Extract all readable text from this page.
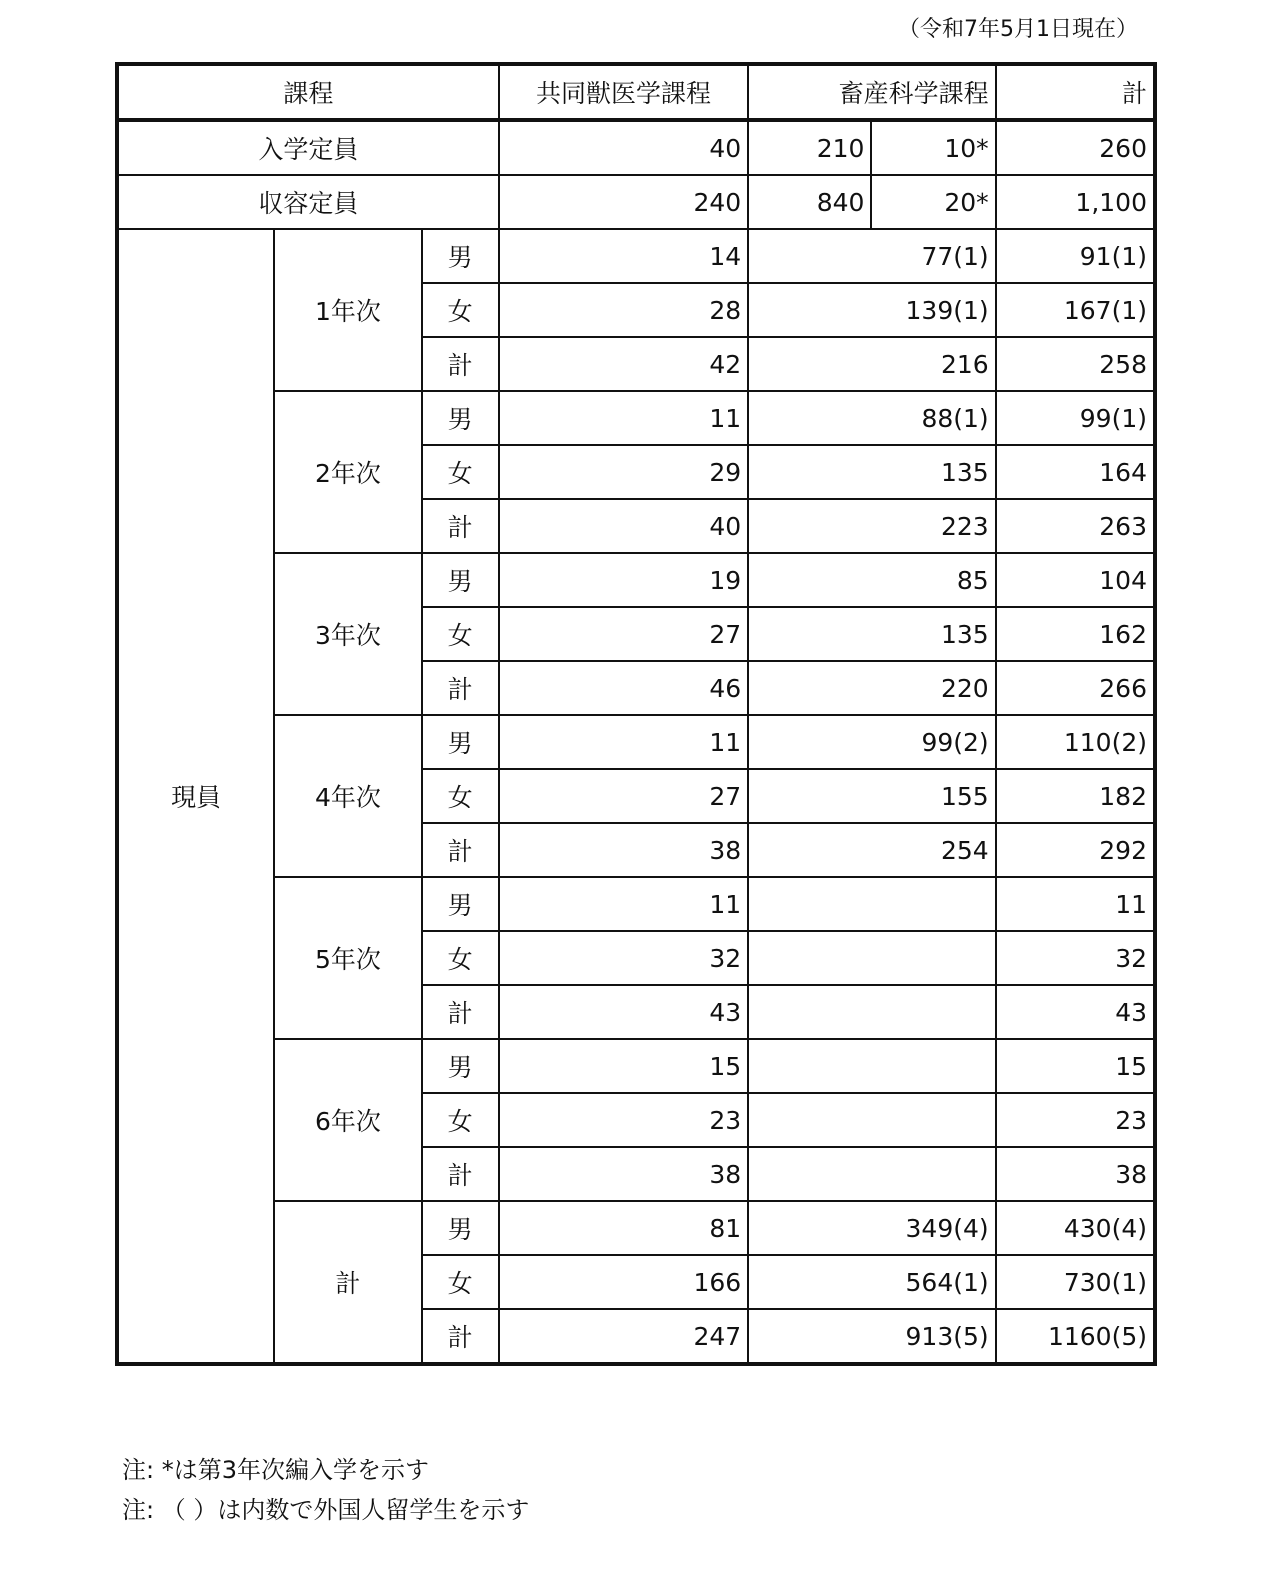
（令和7年5月1日現在）
課程			共同獣医学課程	畜産科学課程		計
入学定員			40	210	10*	260
収容定員			240	840	20*	1,100
現員	1年次	男	14	77(1)		91(1)
		女	28	139(1)		167(1)
		計	42	216		258
	2年次	男	11	88(1)		99(1)
		女	29	135		164
		計	40	223		263
	3年次	男	19	85		104
		女	27	135		162
		計	46	220		266
	4年次	男	11	99(2)		110(2)
		女	27	155		182
		計	38	254		292
	5年次	男	11			11
		女	32			32
		計	43			43
	6年次	男	15			15
		女	23			23
		計	38			38
	計	男	81	349(4)		430(4)
		女	166	564(1)		730(1)
		計	247	913(5)		1160(5)
注: *は第3年次編入学を示す
注: （ ）は内数で外国人留学生を示す
